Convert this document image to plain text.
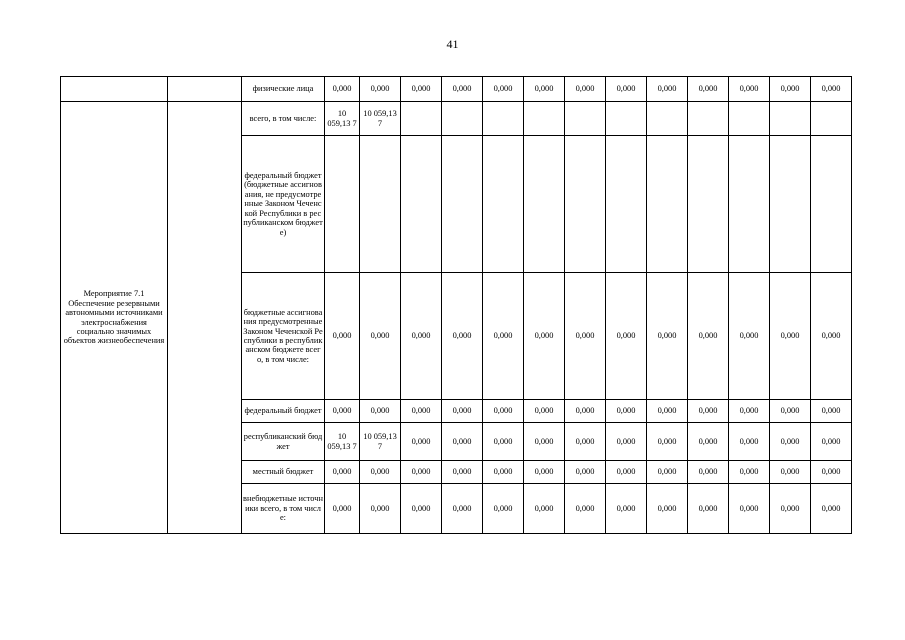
41
		физические лица	0,000	0,000	0,000	0,000	0,000	0,000	0,000	0,000	0,000	0,000	0,000	0,000	0,000
Мероприятие 7.1 Обеспечение резервными автономными источниками электроснабжения социально значимых объектов жизнеобеспечения		всего, в том числе:	10 059,13 7	10 059,13 7											
		федеральный бюджет (бюджетные ассигнования, не предусмотренные Законом Чеченской Республики в республиканском бюджете)													
		бюджетные ассигнования предусмотренные Законом Чеченской Республики в республиканском бюджете всего, в том числе:	0,000	0,000	0,000	0,000	0,000	0,000	0,000	0,000	0,000	0,000	0,000	0,000	0,000
		федеральный бюджет	0,000	0,000	0,000	0,000	0,000	0,000	0,000	0,000	0,000	0,000	0,000	0,000	0,000
		республиканский бюджет	10 059,13 7	10 059,13 7	0,000	0,000	0,000	0,000	0,000	0,000	0,000	0,000	0,000	0,000	0,000
		местный бюджет	0,000	0,000	0,000	0,000	0,000	0,000	0,000	0,000	0,000	0,000	0,000	0,000	0,000
		внебюджетные источники всего, в том числе:	0,000	0,000	0,000	0,000	0,000	0,000	0,000	0,000	0,000	0,000	0,000	0,000	0,000
